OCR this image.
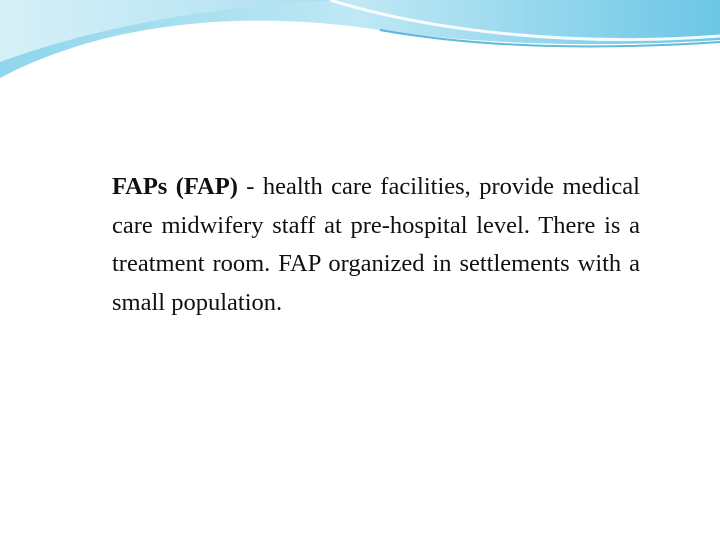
FAPs (FAP) - health care facilities, provide medical care midwifery staff at pre-hospital level. There is a treatment room. FAP organized in settlements with a small population.
